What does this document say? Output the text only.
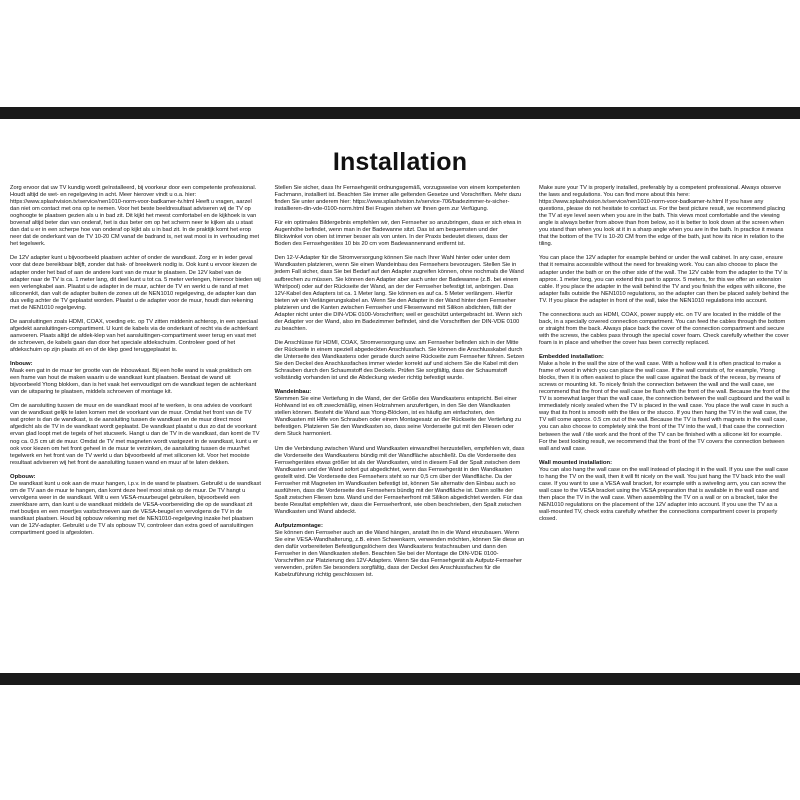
Installation

Zorg ervoor dat uw TV kundig wordt geïnstalleerd, bij voorkeur door een competente professional. Houdt altijd de wet- en regelgeving in acht. Meer hierover vindt u o.a. hier: https://www.splashvision.tv/service/nen1010-norm-voor-badkamer-tv.html Heeft u vragen, aarzel dan niet om contact met ons op te nemen. Voor het beste beeldresultaat adviseren wij de TV op ooghoogte te plaatsen gezien als u in bad zit. Dit kijkt het meest comfortabel en de kijkhoek is van bovenaf altijd beter dan van onderaf, het is dus beter om op het scherm neer te kijken als u staat dan dat u er in een scherpe hoe van onderaf op kijkt als u in bad zit. In de praktijk komt het erop neer dat de onderkant van de TV 10-20 CM vanaf de badrand is, net wat mooi is in verhouding met het tegelwerk.

De 12V adapter kunt u bijvoorbeeld plaatsen achter of onder de wandkast. Zorg er in ieder geval voor dat deze bereikbaar blijft, zonder dat hak- of breekwerk nodig is. Ook kunt u ervoor kiezen de adapter onder het bad of aan de andere kant van de muur te plaatsen. De 12V kabel van de adapter naar de TV is ca. 1 meter lang, dit deel kunt u tot ca. 5 meter verlengen, hiervoor bieden wij een verlengkabel aan. Plaatst u de adapter in de muur, achter de TV en werkt u de rand af met siliconenkit, dan valt de adapter buiten de zones uit de NEN1010 regelgeving, de adapter kan dan dus veilig achter de TV geplaatst worden. Plaatst u de adapter voor de muur, houdt dan rekening met de NEN1010 regelgeving.

De aansluitingen zoals HDMI, COAX, voeding etc. op TV zitten middenin achterop, in een speciaal afgedekt aansluitingen-compartiment. U kunt de kabels via de onderkant of recht via de achterkant aanvoeren. Plaats altijd de afdek-klep van het aansluitingen-compartiment weer terug en vast met de schroeven, de kabels gaan dan door het speciale afdekschuim. Controleer goed of het afdekschuim op zijn plaats zit en of de klep goed teruggeplaatst is.

Inbouw:

Maak een gat in de muur ter grootte van de inbouwkast. Bij een holle wand is vaak praktisch om een frame van hout de maken waarin u de wandkast kunt plaatsen. Bestaat de wand uit bijvoorbeeld Ytong blokken, dan is het vaak het eenvoudigst om de wandkast tegen de achterkant van de uitsparing te plaatsen, middels schroeven of montage kit.

Om de aansluiting tussen de muur en de wandkast mooi af te werken, is ons advies de voorkant van de wandkast gelijk te laten komen met de voorkant van de muur. Omdat het front van de TV wat groter is dan de wandkast, is de aansluiting tussen de wandkast en de muur direct mooi afgedicht als de TV in de wandkast wordt geplaatst. De wandkast plaatst u dus zo dat de voorkant ervan glad loopt met de tegels of het stucwerk. Hangt u dan de TV in de wandkast, dan komt de TV nog ca. 0,5 cm uit de muur. Omdat de TV met magneten wordt vastgezet in de wandkast, kunt u er ook voor kiezen om het front geheel in de muur te verzinken, de aansluiting tussen de muur/het tegelwerk en het front van de TV werkt u dan bijvoorbeeld af met siliconen kit. Voor het mooiste resultaat adviseren wij het front de aansluiting tussen wand en muur af te laten dekken.

Opbouw:

De wandkast kunt u ook aan de muur hangen, i.p.v. in de wand te plaatsen. Gebruikt u de wandkast om de TV aan de muur te hangen, dan komt deze heel mooi strak op de muur. De TV hangt u vervolgens weer in de wandkast. Wilt u een VESA-muurbeugel gebruiken, bijvoorbeeld een zwenkbare arm, dan kunt u de wandkast middels de VESA-voorbereiding die op de wandkast zit met boutjes en een moertjes vastschroeven aan de VESA-beugel en vervolgens de TV in de wandkast plaatsen. Houd bij opbouw rekening met de NEN1010-regelgeving inzake het plaatsen van de 12V-adapter. Gebruikt u de TV als opbouw TV, controleer dan extra goed of aansluitingen compartiment goed is afgesloten.

Stellen Sie sicher, dass Ihr Fernsehgerät ordnungsgemäß, vorzugsweise von einem kompetenten Fachmann, installiert ist. Beachten Sie immer alle geltenden Gesetze und Vorschriften. Mehr dazu finden Sie unter anderem hier: https://www.splashvision.tv/service-706/badezimmer-tv-sicher-installieren-din-vde-0100-norm.html Bei Fragen stehen wir Ihnen gern zur Verfügung.

Für ein optimales Bildergebnis empfehlen wir, den Fernseher so anzubringen, dass er sich etwa in Augenhöhe befindet, wenn man in der Badewanne sitzt. Das ist am bequemsten und der Blickwinkel von oben ist immer besser als von unten. In der Praxis bedeutet dieses, dass der Boden des Fernsehgerätes 10 bis 20 cm vom Badewannenrand entfernt ist.

Den 12-V-Adapter für die Stromversorgung können Sie nach Ihrer Wahl hinter oder unter dem Wandkasten platzieren, wenn Sie einen Wandeinbau des Fernsehers bevorzugen. Stellen Sie in jedem Fall sicher, dass Sie bei Bedarf auf den Adapter zugreifen können, ohne nochmals die Wand aufbrechen zu müssen. Sie können den Adapter aber auch unter der Badewanne (z.B. bei einem Whirlpool) oder auf der Rückseite der Wand, an der der Fernseher befestigt ist, anbringen. Das 12V-Kabel des Adapters ist ca. 1 Meter lang. Sie können es auf ca. 5 Meter verlängern. Hierfür bieten wir ein Verlängerungskabel an. Wenn Sie den Adapter in der Wand hinter dem Fernseher platzieren und die Kanten zwischen Fernseher und Fliesenwand mit Silikon abdichten, fällt der Adapter nicht unter die DIN-VDE 0100-Vorschriften; weil er geschützt untergebracht ist. Wenn sich der Adapter vor der Wand, also im Badezimmer befindet, sind die Vorschriften der DIN-VDE 0100 zu beachten.

Die Anschlüsse für HDMI, COAX, Stromversorgung usw. am Fernseher befinden sich in der Mitte der Rückseite in einem speziell abgedeckten Anschlussfach. Sie können die Anschlusskabel durch die Unterseite des Wandkastens oder gerade durch seine Rückseite zum Fernseher führen. Setzen Sie den Deckel des Anschlussfaches immer wieder korrekt auf und sichern Sie die Kabel mit den Schrauben durch den Schaumstoff des Deckels. Prüfen Sie sorgfältig, dass der Schaumstoff vollständig vorhanden ist und die Abdeckung wieder richtig befestigt wurde.

Wandeinbau:

Stemmen Sie eine Vertiefung in die Wand, der der Größe des Wandkastens entspricht. Bei einer Hohlwand ist es oft zweckmäßig, einen Holzrahmen anzufertigen, in den Sie den Wandkasten stellen können. Besteht die Wand aus Ytong-Blöcken, ist es häufig am einfachsten, den Wandkasten mit Hilfe von Schrauben oder einem Montagesatz an der Rückseite der Vertiefung zu befestigen. Platzieren Sie den Wandkasten so, dass seine Vorderseite gut mit den Fliesen oder dem Stuck harmoniert.

Um die Verbindung zwischen Wand und Wandkasten einwandfrei herzustellen, empfehlen wir, dass die Vorderseite des Wandkastens bündig mit der Wandfläche abschließt. Da die Vorderseite des Fernsehgerätes etwas größer ist als der Wandkasten, wird in diesem Fall der Spalt zwischen dem Wandkasten und der Wand sofort gut abgedichtet, wenn das Fernsehgerät in den Wandkasten gestellt wird. Die Vorderseite des Fernsehers steht so nur 0,5 cm über der Wandfläche. Da der Fernseher mit Magneten im Wandkasten befestigt ist, können Sie alternativ den Einbau auch so ausführen, dass die Vorderseite des Fernsehers bündig mit der Wandfläche ist. Dann sollte der Spalt zwischen Fliesen bzw. Wand und der Fernseherfront mit Silikon abgedichtet werden. Für das beste Resultat empfehlen wir, dass die Fernseherfront, wie oben beschrieben, den Spalt zwischen Wandkasten und Wand abdeckt.

Aufputzmontage:

Sie können den Fernseher auch an die Wand hängen, anstatt ihn in die Wand einzubauen. Wenn Sie eine VESA-Wandhalterung, z.B. einen Schwenkarm, verwenden möchten, können Sie diese an den dafür vorbereiteten Befestigungslöchern des Wandkastens festschrauben und dann den Fernseher in den Wandkasten stellen. Beachten Sie bei der Montage die DIN-VDE 0100-Vorschriften zur Platzierung des 12V-Adapters. Wenn Sie das Fernsehgerät als Aufputz-Fernseher verwenden, prüfen Sie besonders sorgfältig, dass der Deckel des Anschlussfaches für die Kabelzuführung richtig geschlossen ist.

Make sure your TV is properly installed, preferably by a competent professional. Always observe the laws and regulations. You can find more about this here: https://www.splashvision.tv/service/nen1010-norm-voor-badkamer-tv.html If you have any questions, please do not hesitate to contact us. For the best picture result, we recommend placing the TV at eye level seen when you are in the bath. This views most comfortable and the viewing angle is always better from above than from below, so it is better to look down at the screen when you stand than when you look at it in a sharp angle when you are in the bath. In practice it means that the bottom of the TV is 10-20 CM from the edge of the bath, just how its nice in relation to the tiling.

You can place the 12V adapter for example behind or under the wall cabinet. In any case, ensure that it remains accessible without the need for breaking work. You can also choose to place the adapter under the bath or on the other side of the wall. The 12V cable from the adapter to the TV is approx. 1 meter long, you can extend this part to approx. 5 meters, for this we offer an extension cable. If you place the adapter in the wall behind the TV and you finish the edges with silicone, the adapter falls outside the NEN1010 regulations, so the adapter can then be placed safely behind the TV. If you place the adapter in front of the wall, take the NEN1010 regulations into account.

The connections such as HDMI, COAX, power supply etc. on TV are located in the middle of the back, in a specially covered connection compartment. You can feed the cables through the bottom or straight from the back. Always place back the cover of the connection compartment and secure with the screws, the cables pass through the special cover foam. Check carefully whether the cover foam is in place and whether the cover has been correctly replaced.

Embedded installation:

Make a hole in the wall the size of the wall case. With a hollow wall it is often practical to make a frame of wood in which you can place the wall case. If the wall consists of, for example, Ytong blocks, then it is often easiest to place the wall case against the back of the recess, by means of screws or mounting kit. To nicely finish the connection between the wall and the wall case, we recommend that the front of the wall case be flush with the front of the wall. Because the front of the TV is somewhat larger than the wall case, the connection between the wall cupboard and the wall is immediately nicely sealed when the TV is placed in the wall case. You place the wall case in such a way that its front is smooth with the tiles or the stucco. If you then hang the TV in the wall case, the TV will come approx. 0.5 cm out of the wall. Because the TV is fixed with magnets in the wall case, you can also choose to completely sink the front of the TV into the wall, I that case the connection between the wall / tile work and the front of the TV can be finished with a silicone kit for example. For the best looking result, we recommend that the front of the TV covers the connection between wall and wall case.

Wall mounted installation:

You can also hang the wall case on the wall instead of placing it in the wall. If you use the wall case to hang the TV on the wall, then it will fit nicely on the wall. You just hang the TV back into the wall case. If you want to use a VESA wall bracket, for example with a swiveling arm, you can screw the wall case to the VESA bracket using the VESA preparation that is available in the wall case and then place the TV in the wall case. When assembling the TV on a wall or on a bracket, take the NEN1010 regulations on the placement of the 12V adapter into account. If you use the TV as a wall-mounted TV, check extra carefully whether the connections compartment cover is properly closed.
